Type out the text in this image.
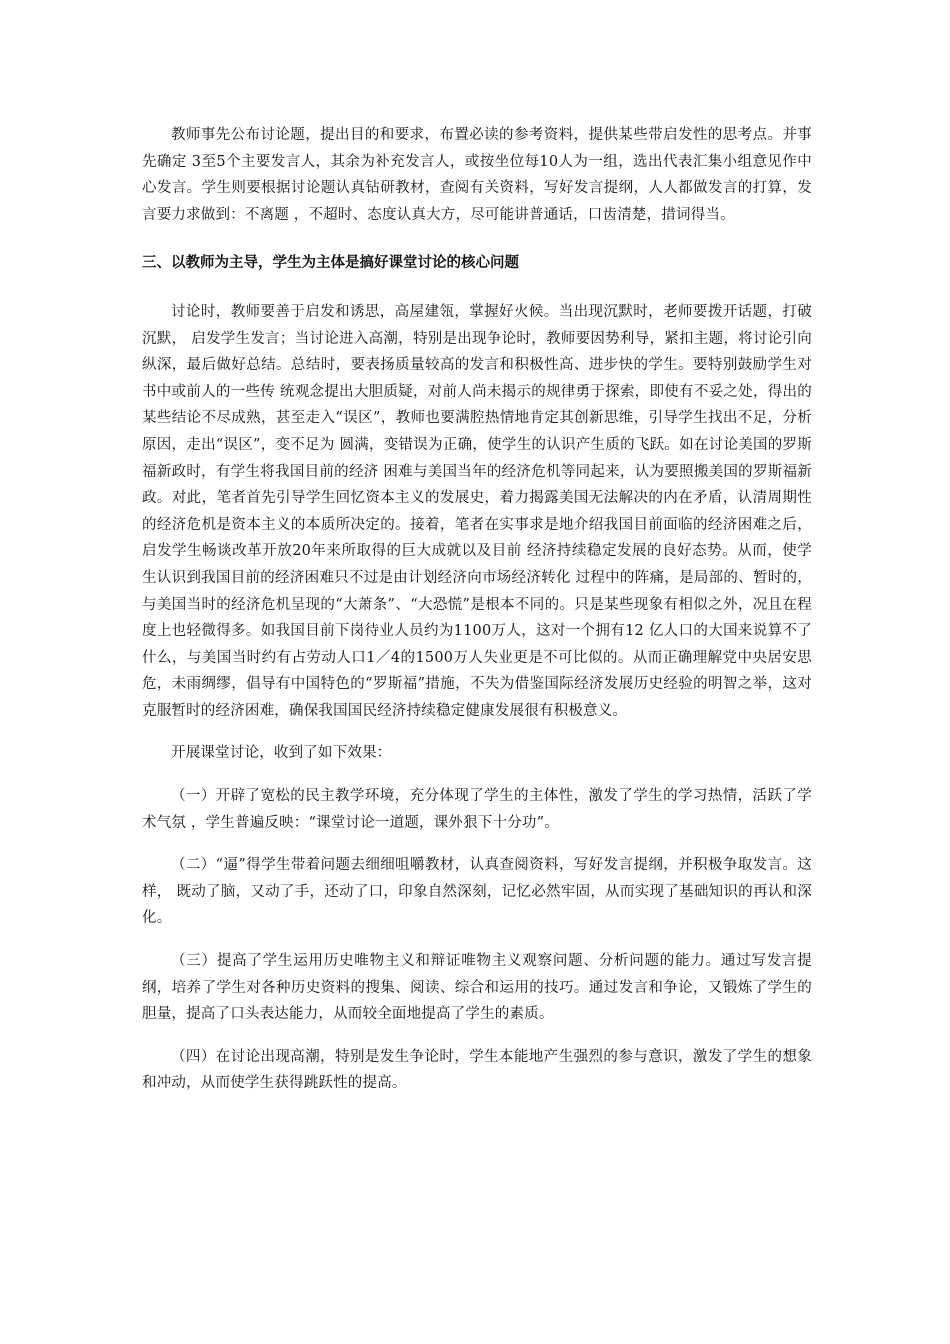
教师事先公布讨论题，提出目的和要求，布置必读的参考资料，提供某些带启发性的思考点。并事先确定 3至5个主要发言人，其余为补充发言人，或按坐位每10人为一组，选出代表汇集小组意见作中心发言。学生则要根据讨论题认真钻研教材，查阅有关资料，写好发言提纲，人人都做发言的打算，发言要力求做到：不离题 ，不超时、态度认真大方，尽可能讲普通话，口齿清楚，措词得当。

三、以教师为主导，学生为主体是搞好课堂讨论的核心问题

讨论时，教师要善于启发和诱思，高屋建瓴，掌握好火候。当出现沉默时，老师要拨开话题，打破沉默， 启发学生发言；当讨论进入高潮，特别是出现争论时，教师要因势利导，紧扣主题，将讨论引向纵深，最后做好总结。总结时，要表扬质量较高的发言和积极性高、进步快的学生。要特别鼓励学生对书中或前人的一些传 统观念提出大胆质疑，对前人尚未揭示的规律勇于探索，即使有不妥之处，得出的某些结论不尽成熟，甚至走入“误区”，教师也要满腔热情地肯定其创新思维，引导学生找出不足，分析原因，走出“误区”，变不足为 圆满，变错误为正确，使学生的认识产生质的飞跃。如在讨论美国的罗斯福新政时，有学生将我国目前的经济 困难与美国当年的经济危机等同起来，认为要照搬美国的罗斯福新政。对此，笔者首先引导学生回忆资本主义的发展史，着力揭露美国无法解决的内在矛盾，认清周期性的经济危机是资本主义的本质所决定的。接着，笔者在实事求是地介绍我国目前面临的经济困难之后，启发学生畅谈改革开放20年来所取得的巨大成就以及目前 经济持续稳定发展的良好态势。从而，使学生认识到我国目前的经济困难只不过是由计划经济向市场经济转化 过程中的阵痛，是局部的、暂时的，与美国当时的经济危机呈现的“大萧条”、“大恐慌”是根本不同的。只是某些现象有相似之外，况且在程度上也轻微得多。如我国目前下岗待业人员约为1100万人，这对一个拥有12 亿人口的大国来说算不了什么，与美国当时约有占劳动人口1／4的1500万人失业更是不可比似的。从而正确理解党中央居安思危，未雨绸缪，倡导有中国特色的“罗斯福”措施，不失为借鉴国际经济发展历史经验的明智之举，这对克服暂时的经济困难，确保我国国民经济持续稳定健康发展很有积极意义。

开展课堂讨论，收到了如下效果：

（一）开辟了宽松的民主教学环境，充分体现了学生的主体性，激发了学生的学习热情，活跃了学术气氛 ，学生普遍反映：“课堂讨论一道题，课外狠下十分功”。

（二）“逼”得学生带着问题去细细咀嚼教材，认真查阅资料，写好发言提纲，并积极争取发言。这样， 既动了脑，又动了手，还动了口，印象自然深刻，记忆必然牢固，从而实现了基础知识的再认和深化。

（三）提高了学生运用历史唯物主义和辩证唯物主义观察问题、分析问题的能力。通过写发言提纲，培养了学生对各种历史资料的搜集、阅读、综合和运用的技巧。通过发言和争论，又锻炼了学生的胆量，提高了口头表达能力，从而较全面地提高了学生的素质。

（四）在讨论出现高潮，特别是发生争论时，学生本能地产生强烈的参与意识，激发了学生的想象和冲动，从而使学生获得跳跃性的提高。
